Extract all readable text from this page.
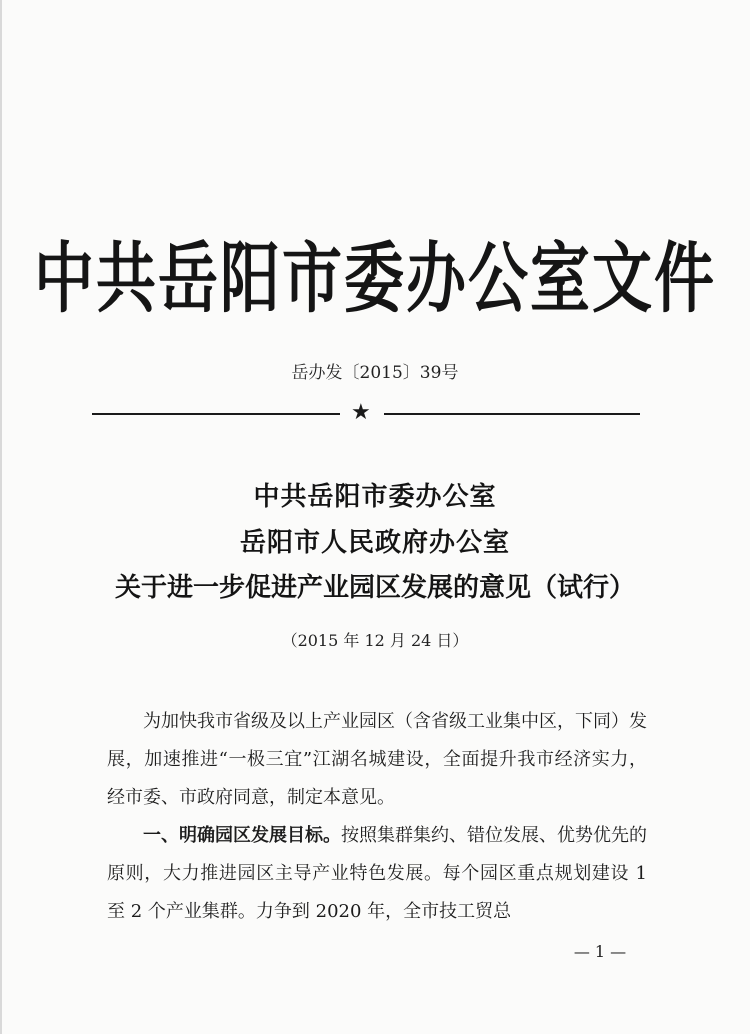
中共岳阳市委办公室文件
岳办发〔2015〕39号
★
中共岳阳市委办公室
岳阳市人民政府办公室
关于进一步促进产业园区发展的意见（试行）
（2015 年 12 月 24 日）

为加快我市省级及以上产业园区（含省级工业集中区，下同）发展，加速推进“一极三宜”江湖名城建设，全面提升我市经济实力，经市委、市政府同意，制定本意见。

一、明确园区发展目标。按照集群集约、错位发展、优势优先的原则，大力推进园区主导产业特色发展。每个园区重点规划建设 1 至 2 个产业集群。力争到 2020 年，全市技工贸总

— 1 —
